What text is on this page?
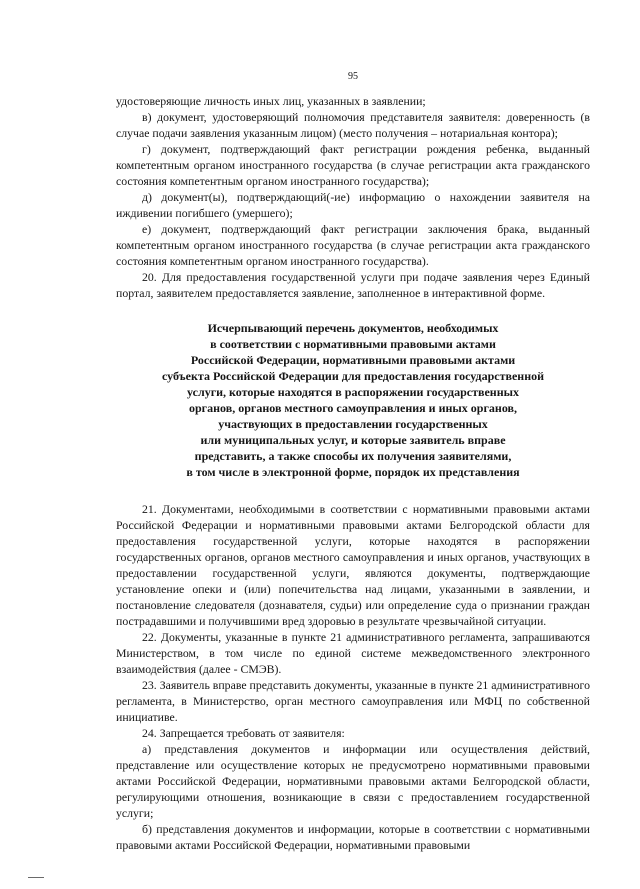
95

удостоверяющие личность иных лиц, указанных в заявлении;

в) документ, удостоверяющий полномочия представителя заявителя: доверенность (в случае подачи заявления указанным лицом) (место получения – нотариальная контора);

г) документ, подтверждающий факт регистрации рождения ребенка, выданный компетентным органом иностранного государства (в случае регистрации акта гражданского состояния компетентным органом иностранного государства);

д) документ(ы), подтверждающий(-ие) информацию о нахождении заявителя на иждивении погибшего (умершего);

е) документ, подтверждающий факт регистрации заключения брака, выданный компетентным органом иностранного государства (в случае регистрации акта гражданского состояния компетентным органом иностранного государства).

20. Для предоставления государственной услуги при подаче заявления через Единый портал, заявителем предоставляется заявление, заполненное в интерактивной форме.

Исчерпывающий перечень документов, необходимых
в соответствии с нормативными правовыми актами
Российской Федерации, нормативными правовыми актами
субъекта Российской Федерации для предоставления государственной
услуги, которые находятся в распоряжении государственных
органов, органов местного самоуправления и иных органов,
участвующих в предоставлении государственных
или муниципальных услуг, и которые заявитель вправе
представить, а также способы их получения заявителями,
в том числе в электронной форме, порядок их представления

21. Документами, необходимыми в соответствии с нормативными правовыми актами Российской Федерации и нормативными правовыми актами Белгородской области для предоставления государственной услуги, которые находятся в распоряжении государственных органов, органов местного самоуправления и иных органов, участвующих в предоставлении государственной услуги, являются документы, подтверждающие установление опеки и (или) попечительства над лицами, указанными в заявлении, и постановление следователя (дознавателя, судьи) или определение суда о признании граждан пострадавшими и получившими вред здоровью в результате чрезвычайной ситуации.

22. Документы, указанные в пункте 21 административного регламента, запрашиваются Министерством, в том числе по единой системе межведомственного электронного взаимодействия (далее - СМЭВ).

23. Заявитель вправе представить документы, указанные в пункте 21 административного регламента, в Министерство, орган местного самоуправления или МФЦ по собственной инициативе.

24. Запрещается требовать от заявителя:

а) представления документов и информации или осуществления действий, представление или осуществление которых не предусмотрено нормативными правовыми актами Российской Федерации, нормативными правовыми актами Белгородской области, регулирующими отношения, возникающие в связи с предоставлением государственной услуги;

б) представления документов и информации, которые в соответствии с нормативными правовыми актами Российской Федерации, нормативными правовыми
